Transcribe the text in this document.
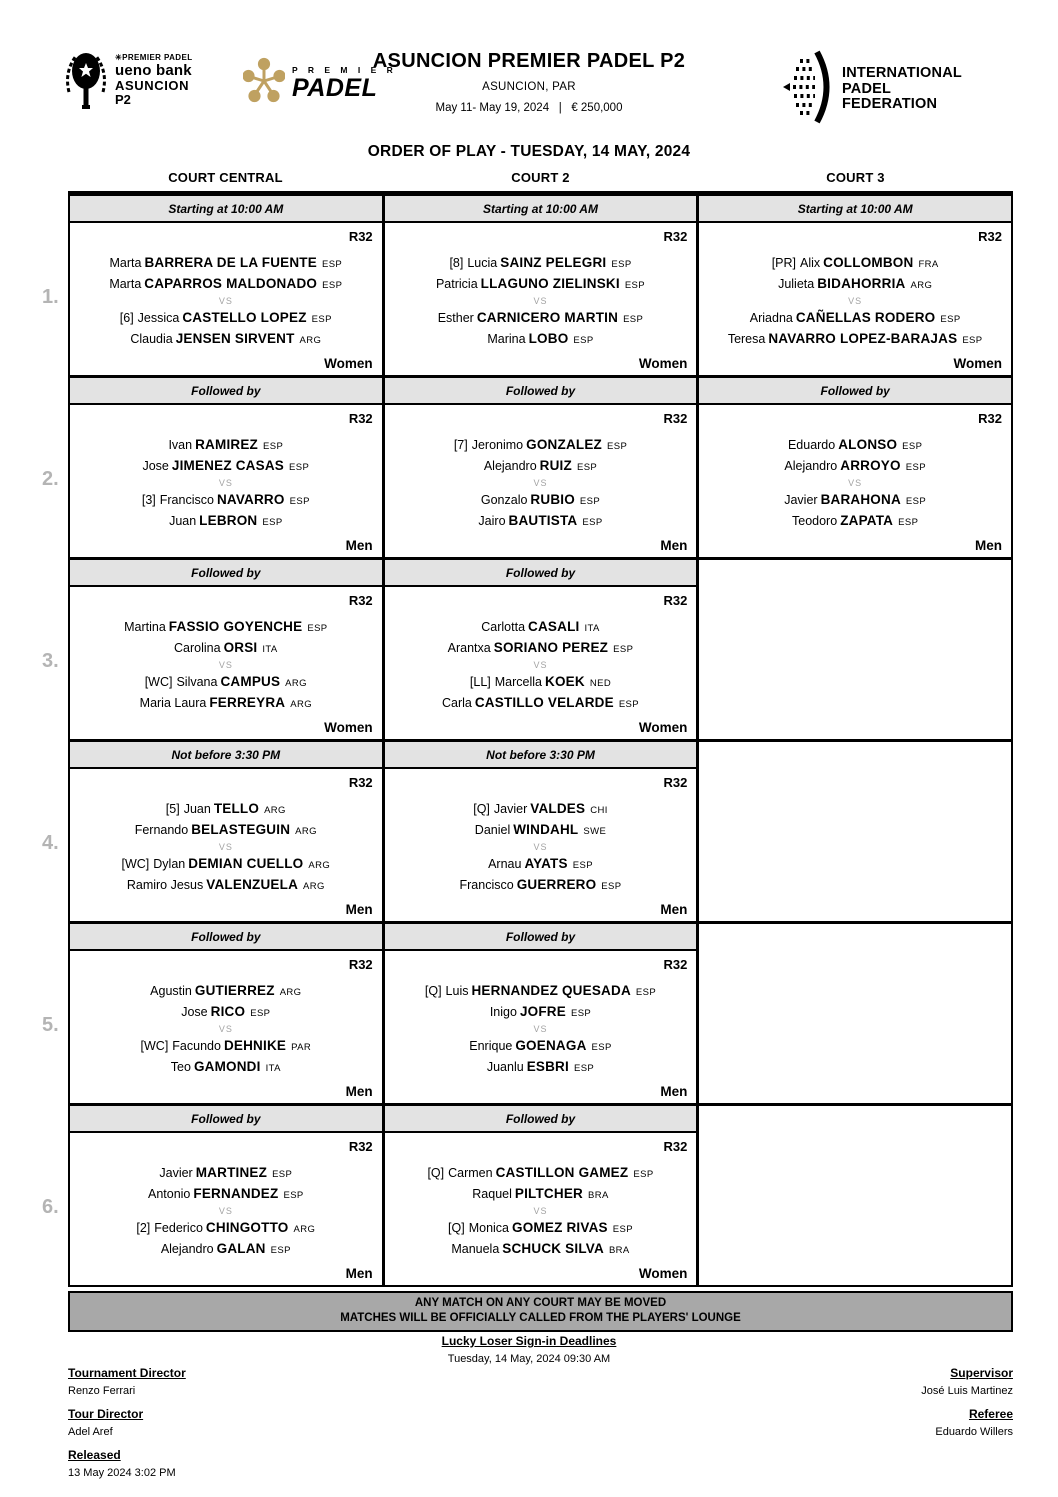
✳PREMIER PADEL
ueno bank
ASUNCION
P2
P R E M I E R
PADEL
ASUNCION PREMIER PADEL P2
ASUNCION, PAR
May 11- May 19, 2024 | € 250,000
INTERNATIONAL
PADEL
FEDERATION
ORDER OF PLAY - TUESDAY, 14 MAY, 2024
COURT CENTRAL	COURT 2	COURT 3
Starting at 10:00 AM
R32
Marta BARRERA DE LA FUENTE ESP
Marta CAPARROS MALDONADO ESP
VS
[6] Jessica CASTELLO LOPEZ ESP
Claudia JENSEN SIRVENT ARG
Women
Followed by
R32
Ivan RAMIREZ ESP
Jose JIMENEZ CASAS ESP
VS
[3] Francisco NAVARRO ESP
Juan LEBRON ESP
Men
Followed by
R32
Martina FASSIO GOYENCHE ESP
Carolina ORSI ITA
VS
[WC] Silvana CAMPUS ARG
Maria Laura FERREYRA ARG
Women
Not before 3:30 PM
R32
[5] Juan TELLO ARG
Fernando BELASTEGUIN ARG
VS
[WC] Dylan DEMIAN CUELLO ARG
Ramiro Jesus VALENZUELA ARG
Men
Followed by
R32
Agustin GUTIERREZ ARG
Jose RICO ESP
VS
[WC] Facundo DEHNIKE PAR
Teo GAMONDI ITA
Men
Followed by
R32
Javier MARTINEZ ESP
Antonio FERNANDEZ ESP
VS
[2] Federico CHINGOTTO ARG
Alejandro GALAN ESP
Men
Starting at 10:00 AM
R32
[8] Lucia SAINZ PELEGRI ESP
Patricia LLAGUNO ZIELINSKI ESP
VS
Esther CARNICERO MARTIN ESP
Marina LOBO ESP
Women
Followed by
R32
[7] Jeronimo GONZALEZ ESP
Alejandro RUIZ ESP
VS
Gonzalo RUBIO ESP
Jairo BAUTISTA ESP
Men
Followed by
R32
Carlotta CASALI ITA
Arantxa SORIANO PEREZ ESP
VS
[LL] Marcella KOEK NED
Carla CASTILLO VELARDE ESP
Women
Not before 3:30 PM
R32
[Q] Javier VALDES CHI
Daniel WINDAHL SWE
VS
Arnau AYATS ESP
Francisco GUERRERO ESP
Men
Followed by
R32
[Q] Luis HERNANDEZ QUESADA ESP
Inigo JOFRE ESP
VS
Enrique GOENAGA ESP
Juanlu ESBRI ESP
Men
Followed by
R32
[Q] Carmen CASTILLON GAMEZ ESP
Raquel PILTCHER BRA
VS
[Q] Monica GOMEZ RIVAS ESP
Manuela SCHUCK SILVA BRA
Women
Starting at 10:00 AM
R32
[PR] Alix COLLOMBON FRA
Julieta BIDAHORRIA ARG
VS
Ariadna CAÑELLAS RODERO ESP
Teresa NAVARRO LOPEZ-BARAJAS ESP
Women
Followed by
R32
Eduardo ALONSO ESP
Alejandro ARROYO ESP
VS
Javier BARAHONA ESP
Teodoro ZAPATA ESP
Men
ANY MATCH ON ANY COURT MAY BE MOVED
MATCHES WILL BE OFFICIALLY CALLED FROM THE PLAYERS' LOUNGE
Lucky Loser Sign-in Deadlines
Tuesday, 14 May, 2024 09:30 AM
Tournament Director
Renzo Ferrari
Tour Director
Adel Aref
Released
13 May 2024 3:02 PM
Supervisor
José Luis Martinez
Referee
Eduardo Willers
1.
2.
3.
4.
5.
6.
